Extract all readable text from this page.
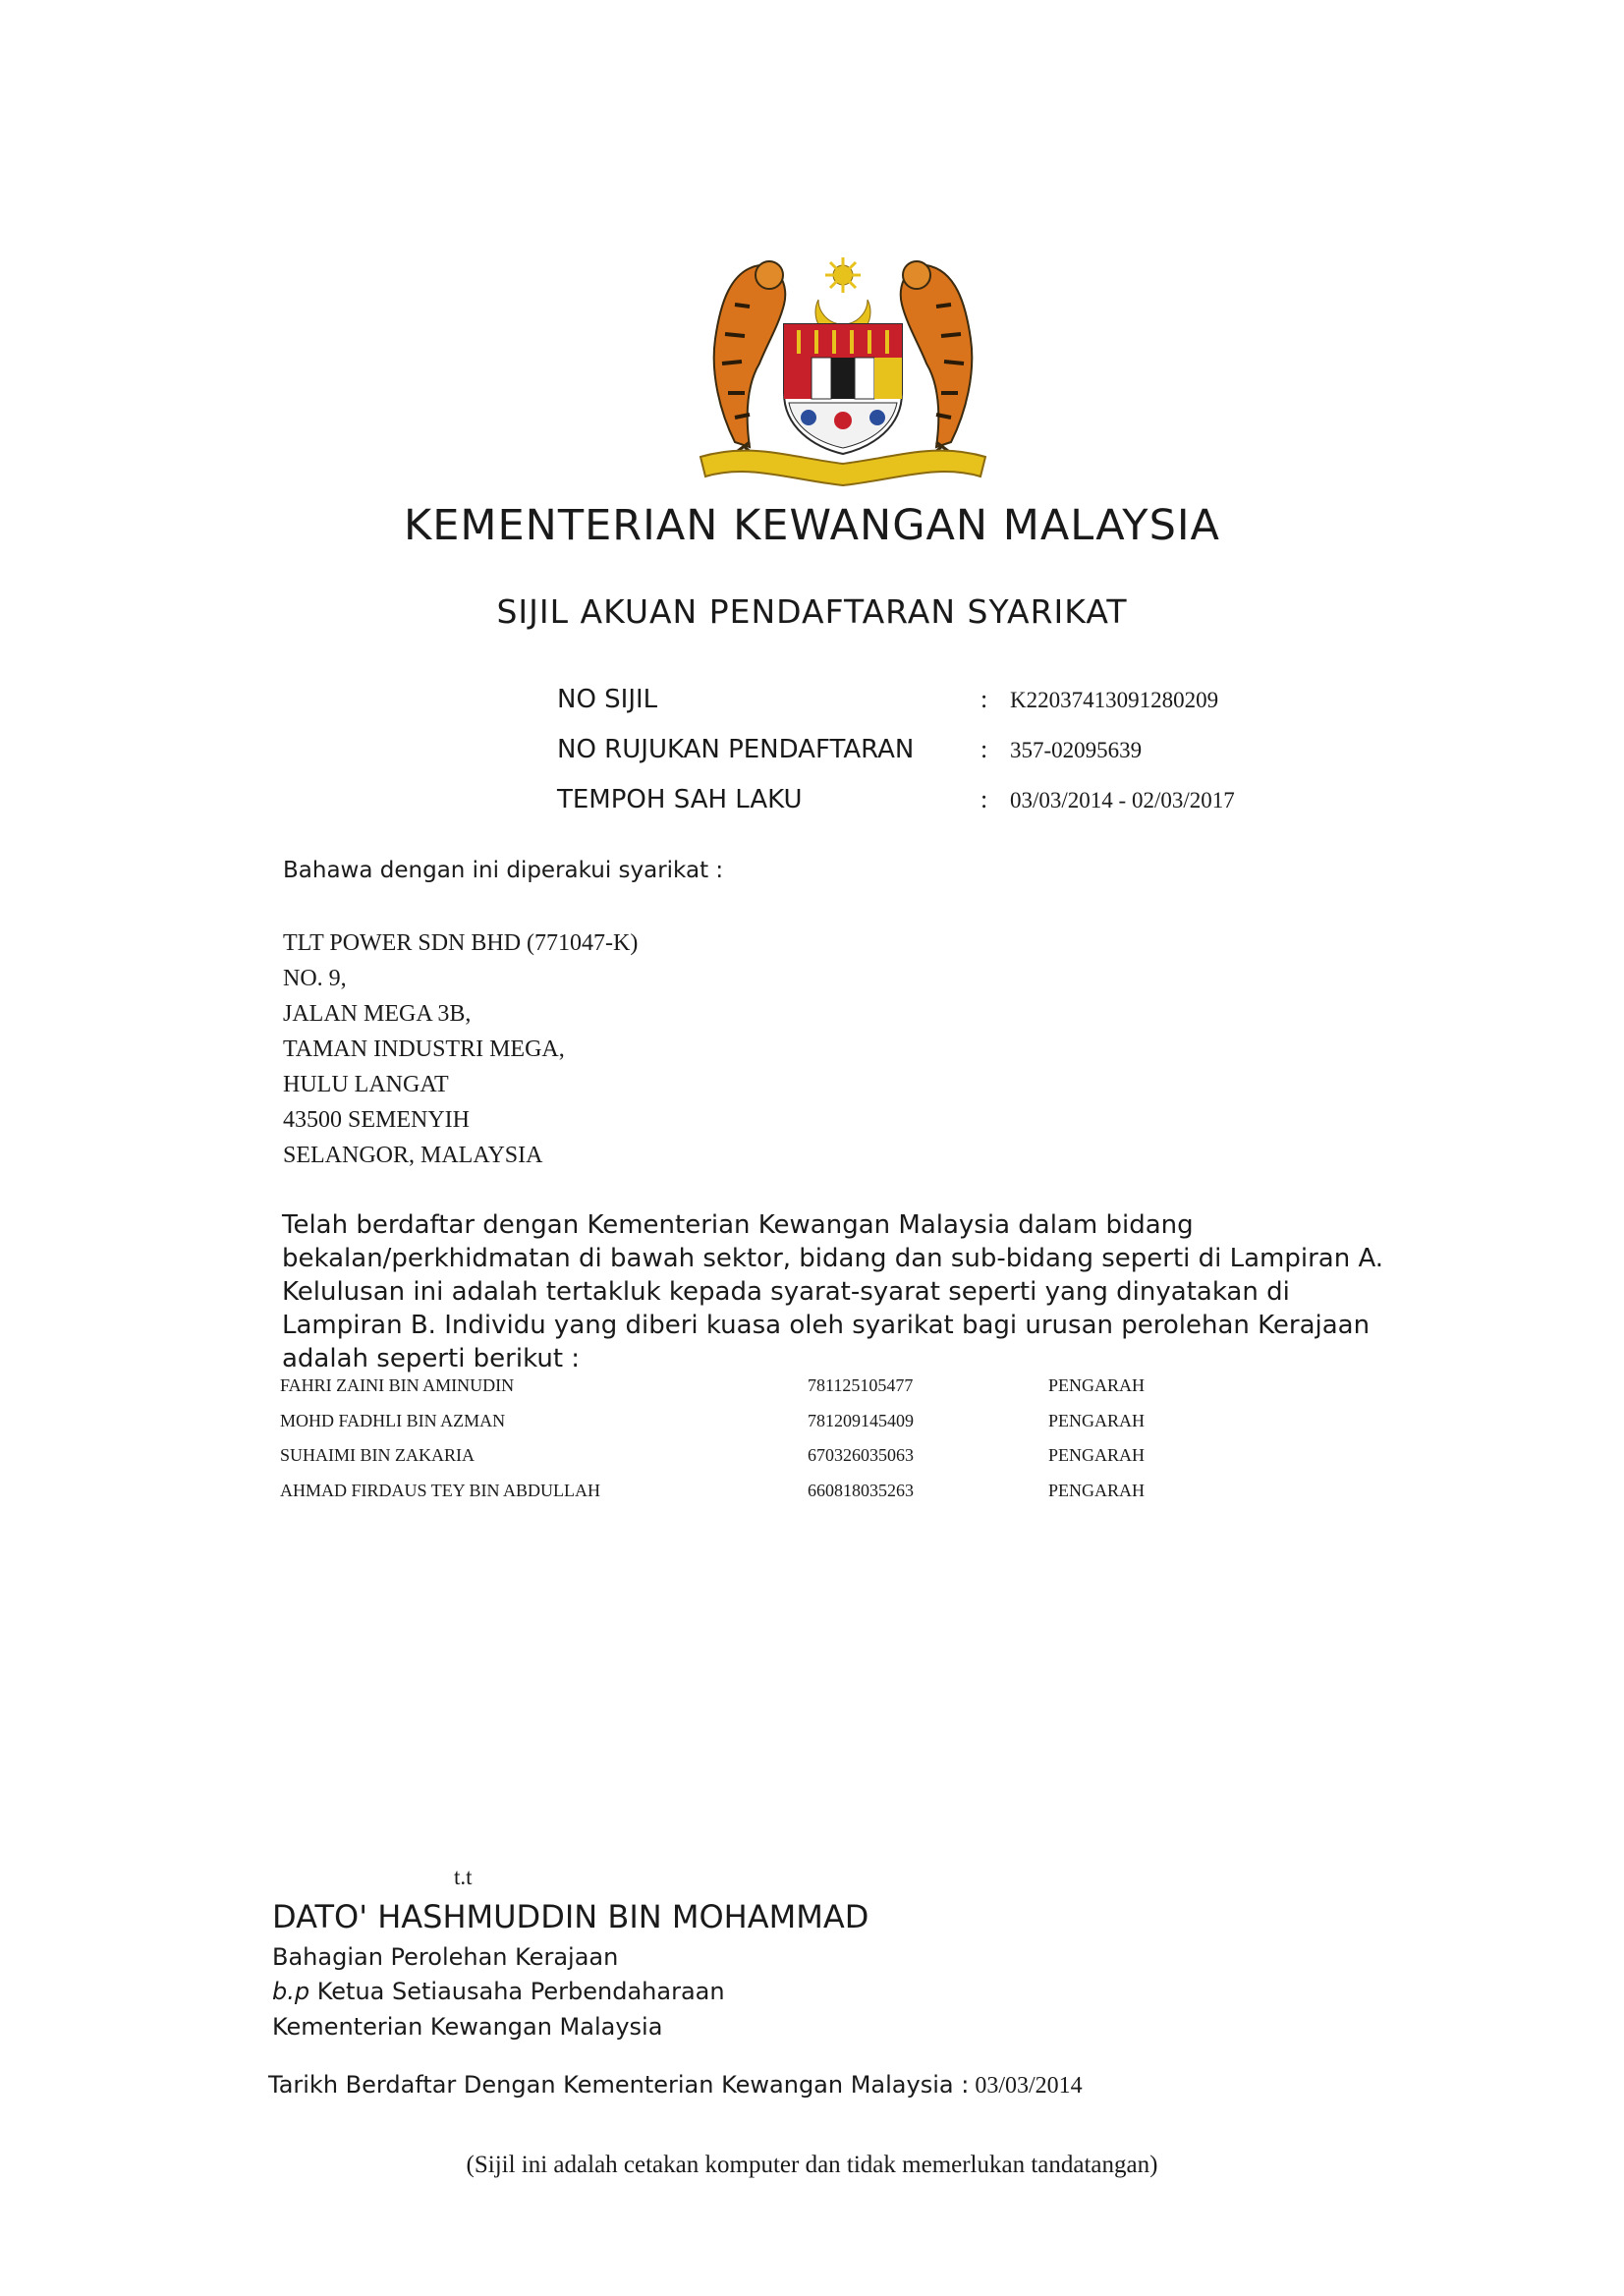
KEMENTERIAN KEWANGAN MALAYSIA
SIJIL AKUAN PENDAFTARAN SYARIKAT
NO SIJIL	: K22037413091280209
NO RUJUKAN PENDAFTARAN	: 357-02095639
TEMPOH SAH LAKU	: 03/03/2014 - 02/03/2017
Bahawa dengan ini diperakui syarikat :
TLT POWER SDN BHD (771047-K)
NO. 9,
JALAN MEGA 3B,
TAMAN INDUSTRI MEGA,
HULU LANGAT
43500 SEMENYIH
SELANGOR, MALAYSIA
Telah berdaftar dengan Kementerian Kewangan Malaysia dalam bidang bekalan/perkhidmatan di bawah sektor, bidang dan sub-bidang seperti di Lampiran A. Kelulusan ini adalah tertakluk kepada syarat-syarat seperti yang dinyatakan di Lampiran B. Individu yang diberi kuasa oleh syarikat bagi urusan perolehan Kerajaan adalah seperti berikut :
FAHRI ZAINI BIN AMINUDIN	781125105477	PENGARAH
MOHD FADHLI BIN AZMAN	781209145409	PENGARAH
SUHAIMI BIN ZAKARIA	670326035063	PENGARAH
AHMAD FIRDAUS TEY BIN ABDULLAH	660818035263	PENGARAH
t.t
DATO' HASHMUDDIN BIN MOHAMMAD
Bahagian Perolehan Kerajaan
b.p Ketua Setiausaha Perbendaharaan
Kementerian Kewangan Malaysia
Tarikh Berdaftar Dengan Kementerian Kewangan Malaysia : 03/03/2014
(Sijil ini adalah cetakan komputer dan tidak memerlukan tandatangan)
